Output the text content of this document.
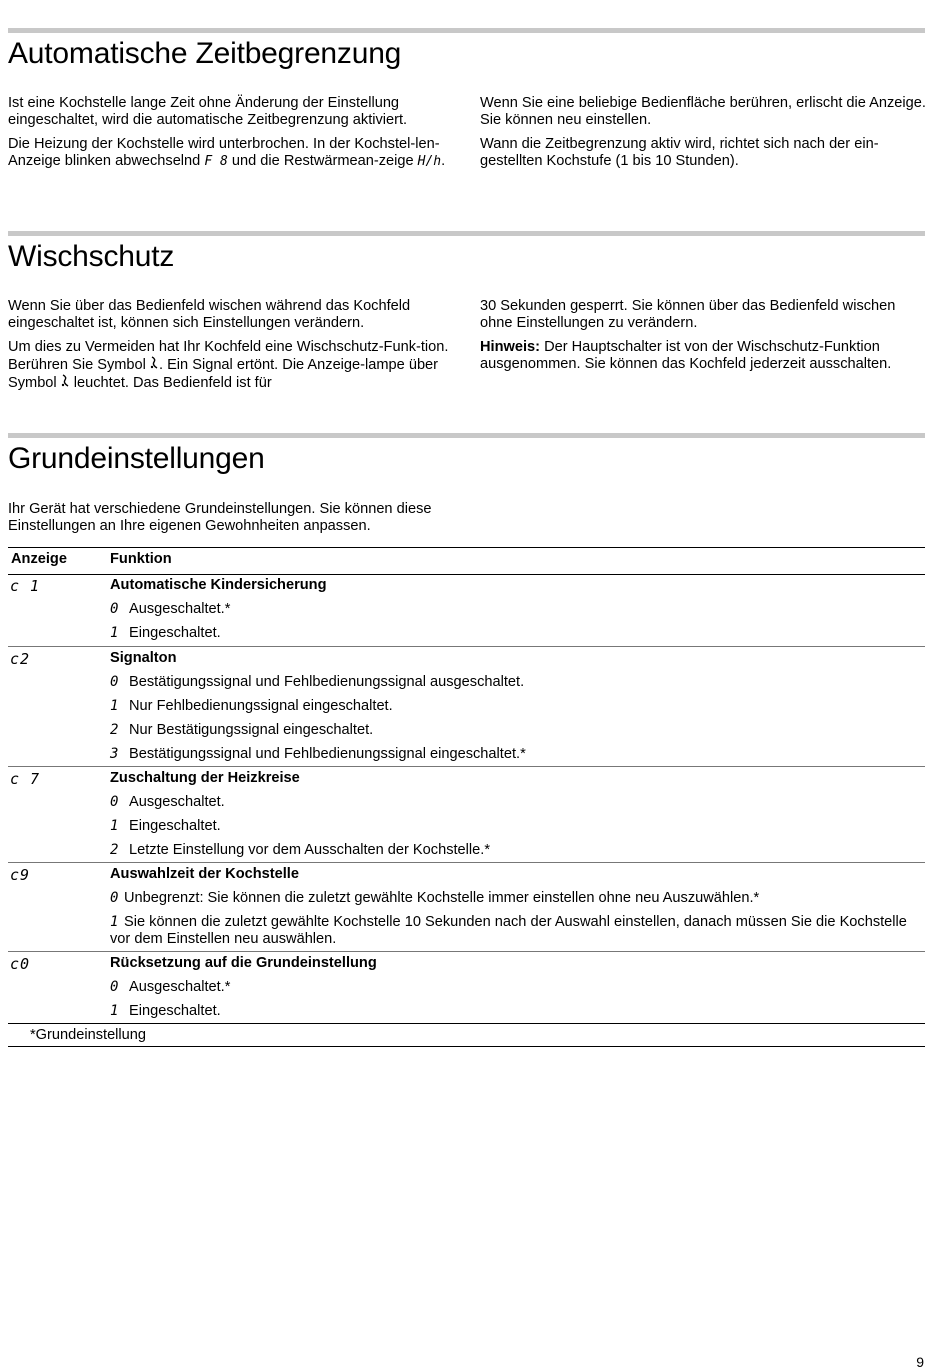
Automatische Zeitbegrenzung

Ist eine Kochstelle lange Zeit ohne Änderung der Einstellung eingeschaltet, wird die automatische Zeitbegrenzung aktiviert.

Die Heizung der Kochstelle wird unterbrochen. In der Kochstel-len-Anzeige blinken abwechselnd F 8 und die Restwärmean-zeige H/h.

Wenn Sie eine beliebige Bedienfläche berühren, erlischt die Anzeige. Sie können neu einstellen.

Wann die Zeitbegrenzung aktiv wird, richtet sich nach der ein-gestellten Kochstufe (1 bis 10 Stunden).

Wischschutz

Wenn Sie über das Bedienfeld wischen während das Kochfeld eingeschaltet ist, können sich Einstellungen verändern.

Um dies zu Vermeiden hat Ihr Kochfeld eine Wischschutz-Funk-tion. Berühren Sie Symbol . Ein Signal ertönt. Die Anzeige-lampe über Symbol  leuchtet. Das Bedienfeld ist für

30 Sekunden gesperrt. Sie können über das Bedienfeld wischen ohne Einstellungen zu verändern.

Hinweis: Der Hauptschalter ist von der Wischschutz-Funktion ausgenommen. Sie können das Kochfeld jederzeit ausschalten.

Grundeinstellungen
Ihr Gerät hat verschiedene Grundeinstellungen. Sie können diese Einstellungen an Ihre eigenen Gewohnheiten anpassen.
Anzeige	Funktion
c 1	Automatische Kindersicherung
0 Ausgeschaltet.*
1 Eingeschaltet.
c2	Signalton
0 Bestätigungssignal und Fehlbedienungssignal ausgeschaltet.
1 Nur Fehlbedienungssignal eingeschaltet.
2 Nur Bestätigungssignal eingeschaltet.
3 Bestätigungssignal und Fehlbedienungssignal eingeschaltet.*
c 7	Zuschaltung der Heizkreise
0 Ausgeschaltet.
1 Eingeschaltet.
2 Letzte Einstellung vor dem Ausschalten der Kochstelle.*
c9	Auswahlzeit der Kochstelle
0 Unbegrenzt: Sie können die zuletzt gewählte Kochstelle immer einstellen ohne neu Auszuwählen.*
1 Sie können die zuletzt gewählte Kochstelle 10 Sekunden nach der Auswahl einstellen, danach müssen Sie die Kochstelle vor dem Einstellen neu auswählen.
c0	Rücksetzung auf die Grundeinstellung
0 Ausgeschaltet.*
1 Eingeschaltet.
*Grundeinstellung
9
